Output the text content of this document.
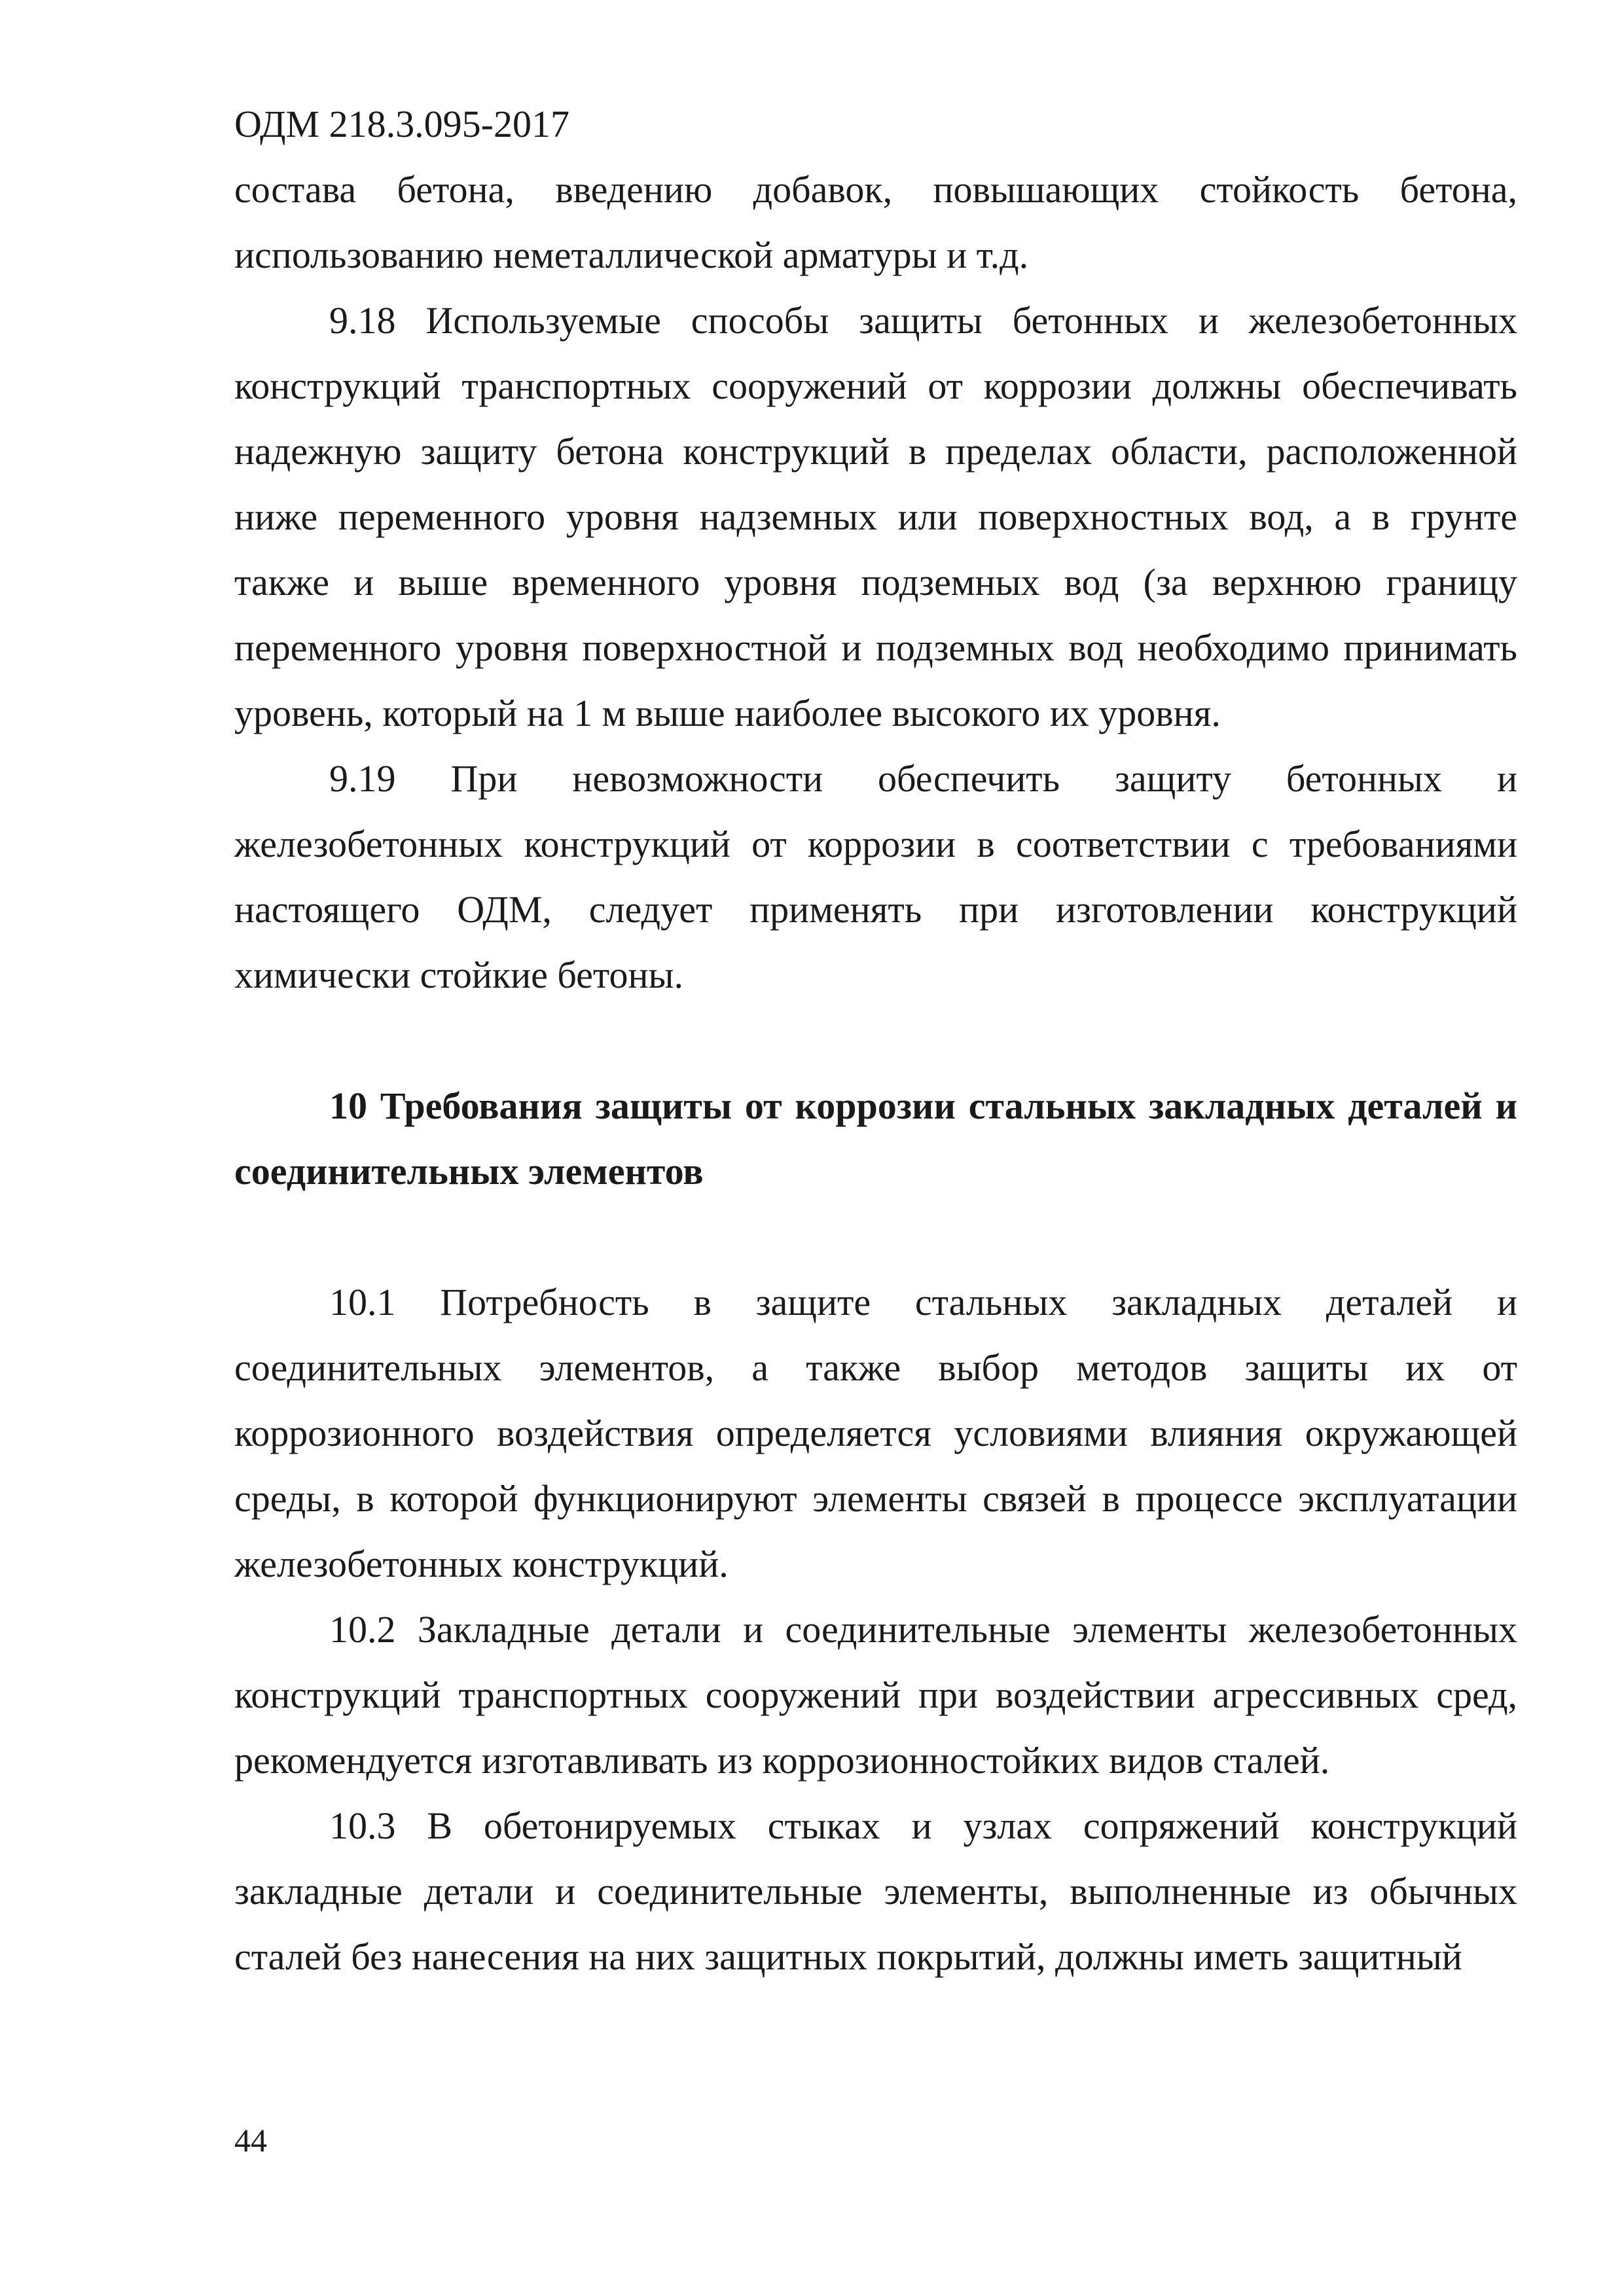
ОДМ 218.3.095-2017

состава бетона, введению добавок, повышающих стойкость бетона, использованию неметаллической арматуры и т.д.

9.18 Используемые способы защиты бетонных и железобетонных конструкций транспортных сооружений от коррозии должны обеспечивать надежную защиту бетона конструкций в пределах области, расположенной ниже переменного уровня надземных или поверхностных вод, а в грунте также и выше временного уровня подземных вод (за верхнюю границу переменного уровня поверхностной и подземных вод необходимо принимать уровень, который на 1 м выше наиболее высокого их уровня.

9.19 При невозможности обеспечить защиту бетонных и железобетонных конструкций от коррозии в соответствии с требованиями настоящего ОДМ, следует применять при изготовлении конструкций химически стойкие бетоны.

10 Требования защиты от коррозии стальных закладных деталей и соединительных элементов

10.1 Потребность в защите стальных закладных деталей и соединительных элементов, а также выбор методов защиты их от коррозионного воздействия определяется условиями влияния окружающей среды, в которой функционируют элементы связей в процессе эксплуатации железобетонных конструкций.

10.2 Закладные детали и соединительные элементы железобетонных конструкций транспортных сооружений при воздействии агрессивных сред, рекомендуется изготавливать из коррозионностойких видов сталей.

10.3 В обетонируемых стыках и узлах сопряжений конструкций закладные детали и соединительные элементы, выполненные из обычных сталей без нанесения на них защитных покрытий, должны иметь защитный

44
